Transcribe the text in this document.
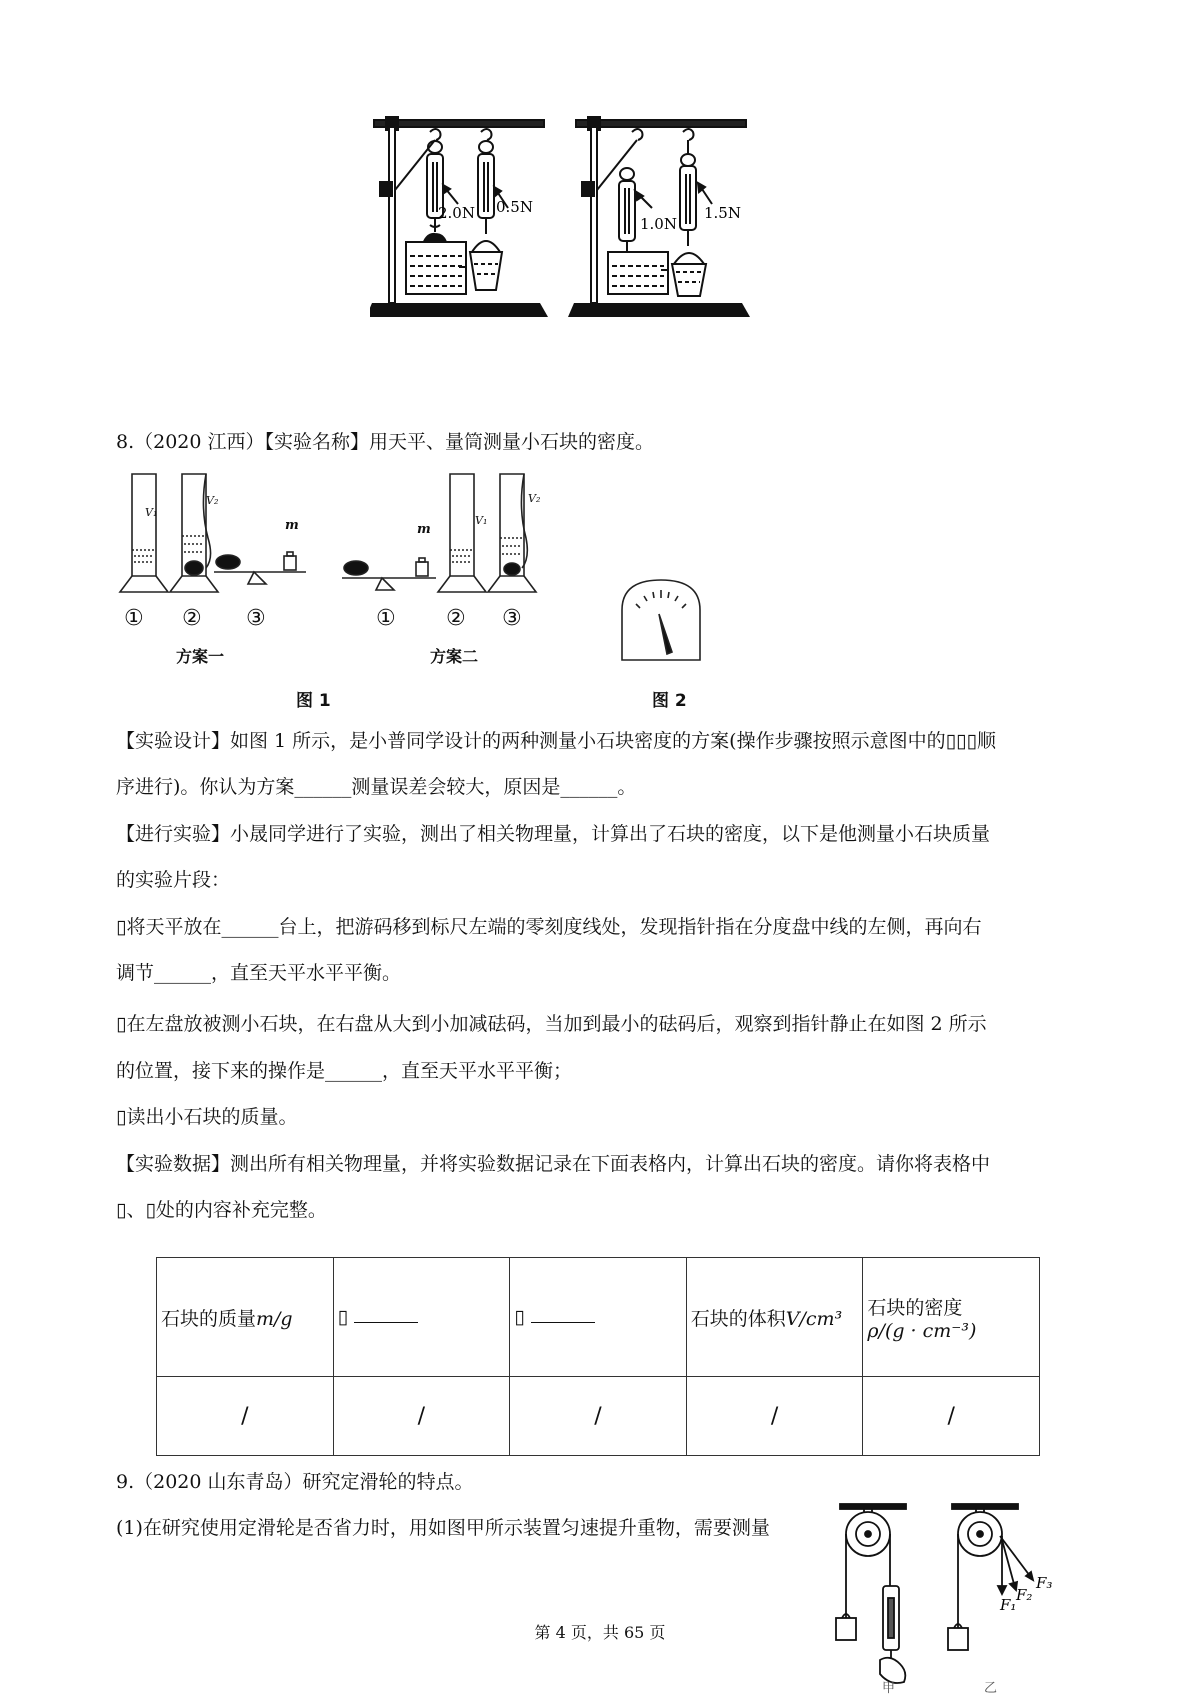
2.0N 0.5N
1.0N
1.5N
8.（2020 江西）【实验名称】用天平、量筒测量小石块的密度。
V₁
V₂
m	m
V₁
V₂
① ② ③	① ② ③
方案一	方案二
图 1	图 2
【实验设计】如图 1 所示，是小普同学设计的两种测量小石块密度的方案(操作步骤按照示意图中的▯▯▯顺
序进行)。你认为方案______测量误差会较大，原因是______。
【进行实验】小晟同学进行了实验，测出了相关物理量，计算出了石块的密度，以下是他测量小石块质量
的实验片段：
▯将天平放在______台上，把游码移到标尺左端的零刻度线处，发现指针指在分度盘中线的左侧，再向右
调节______，直至天平水平平衡。
▯在左盘放被测小石块，在右盘从大到小加减砝码，当加到最小的砝码后，观察到指针静止在如图 2 所示
的位置，接下来的操作是______，直至天平水平平衡；
▯读出小石块的质量。
【实验数据】测出所有相关物理量，并将实验数据记录在下面表格内，计算出石块的密度。请你将表格中
▯、▯处的内容补充完整。
石块的质量m/g	▯	▯	石块的体积V/cm³	石块的密度
ρ/(g · cm⁻³)
/	/	/	/	/
9.（2020 山东青岛）研究定滑轮的特点。
(1)在研究使用定滑轮是否省力时，用如图甲所示装置匀速提升重物，需要测量
F₁
F₂
F₃
甲	乙
第 4 页，共 65 页
